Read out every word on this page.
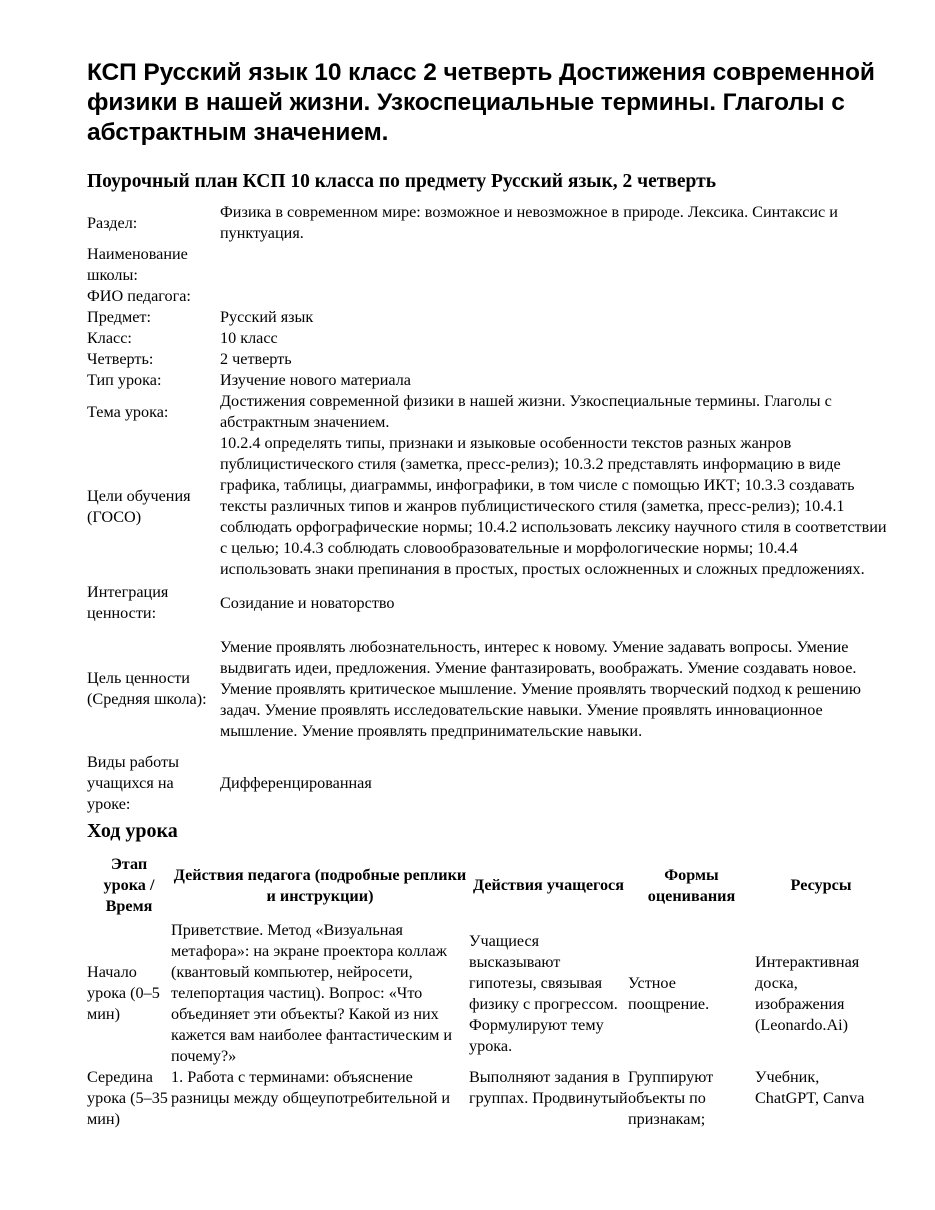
КСП Русский язык 10 класс 2 четверть Достижения современной физики в нашей жизни. Узкоспециальные термины. Глаголы с абстрактным значением.
Поурочный план КСП 10 класса по предмету Русский язык, 2 четверть
Раздел:	Физика в современном мире: возможное и невозможное в природе. Лексика. Синтаксис и пунктуация.
Наименование школы:	
ФИО педагога:	
Предмет:	Русский язык
Класс:	10 класс
Четверть:	2 четверть
Тип урока:	Изучение нового материала
Тема урока:	Достижения современной физики в нашей жизни. Узкоспециальные термины. Глаголы с абстрактным значением.
Цели обучения (ГОСО)	10.2.4 определять типы, признаки и языковые особенности текстов разных жанров публицистического стиля (заметка, пресс-релиз); 10.3.2 представлять информацию в виде графика, таблицы, диаграммы, инфографики, в том числе с помощью ИКТ; 10.3.3 создавать тексты различных типов и жанров публицистического стиля (заметка, пресс-релиз); 10.4.1 соблюдать орфографические нормы; 10.4.2 использовать лексику научного стиля в соответствии с целью; 10.4.3 соблюдать словообразовательные и морфологические нормы; 10.4.4 использовать знаки препинания в простых, простых осложненных и сложных предложениях.
Интеграция ценности:	Созидание и новаторство
Цель ценности (Средняя школа):	Умение проявлять любознательность, интерес к новому. Умение задавать вопросы. Умение выдвигать идеи, предложения. Умение фантазировать, воображать. Умение создавать новое. Умение проявлять критическое мышление. Умение проявлять творческий подход к решению задач. Умение проявлять исследовательские навыки. Умение проявлять инновационное мышление. Умение проявлять предпринимательские навыки.
Виды работы учащихся на уроке:	Дифференцированная
Ход урока
Этап урока / Время	Действия педагога (подробные реплики и инструкции)	Действия учащегося	Формы оценивания	Ресурсы
Начало урока (0–5 мин)	Приветствие. Метод «Визуальная метафора»: на экране проектора коллаж (квантовый компьютер, нейросети, телепортация частиц). Вопрос: «Что объединяет эти объекты? Какой из них кажется вам наиболее фантастическим и почему?»	Учащиеся высказывают гипотезы, связывая физику с прогрессом. Формулируют тему урока.	Устное поощрение.	Интерактивная доска, изображения (Leonardo.Ai)
Середина урока (5–35 мин)	1. Работа с терминами: объяснение разницы между общеупотребительной и	Выполняют задания в группах. Продвинутый	Группируют объекты по признакам;	Учебник, ChatGPT, Canva
